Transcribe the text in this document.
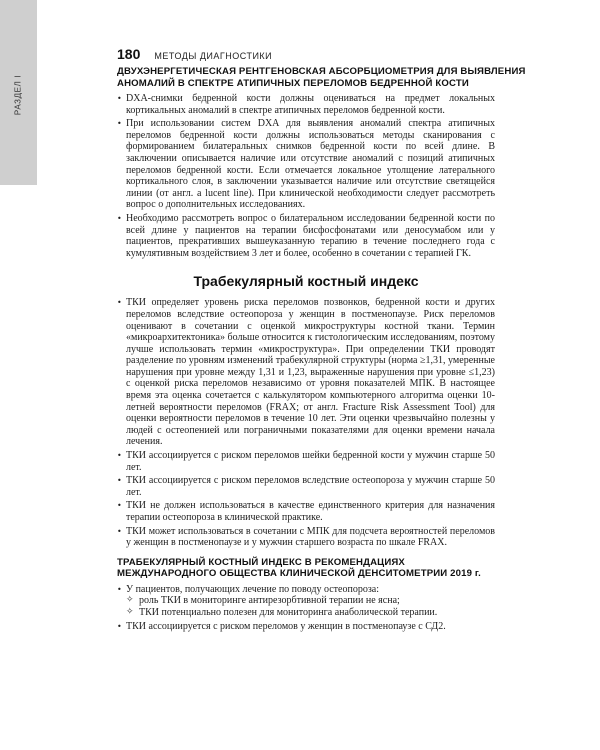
РАЗДЕЛ I
180 МЕТОДЫ ДИАГНОСТИКИ
ДВУХЭНЕРГЕТИЧЕСКАЯ РЕНТГЕНОВСКАЯ АБСОРБЦИОМЕТРИЯ ДЛЯ ВЫЯВЛЕНИЯ
АНОМАЛИЙ В СПЕКТРЕ АТИПИЧНЫХ ПЕРЕЛОМОВ БЕДРЕННОЙ КОСТИ
• DXA-снимки бедренной кости должны оцениваться на предмет локальных кортикальных аномалий в спектре атипичных переломов бедренной кости.
• При использовании систем DXA для выявления аномалий спектра атипичных переломов бедренной кости должны использоваться методы сканирования с формированием билатеральных снимков бедренной кости по всей длине. В заключении описывается наличие или отсутствие аномалий с позиций атипичных переломов бедренной кости. Если отмечается локальное утолщение латерального кортикального слоя, в заключении указывается наличие или отсутствие светящейся линии (от англ. a lucent line). При клинической необходимости следует рассмотреть вопрос о дополнительных исследованиях.
• Необходимо рассмотреть вопрос о билатеральном исследовании бедренной кости по всей длине у пациентов на терапии бисфосфонатами или деносумабом или у пациентов, прекративших вышеуказанную терапию в течение последнего года с кумулятивным воздействием 3 лет и более, особенно в сочетании с терапией ГК.
Трабекулярный костный индекс
• ТКИ определяет уровень риска переломов позвонков, бедренной кости и других переломов вследствие остеопороза у женщин в постменопаузе. Риск переломов оценивают в сочетании с оценкой микроструктуры костной ткани. Термин «микроархитектоника» больше относится к гистологическим исследованиям, поэтому лучше использовать термин «микроструктура». При определении ТКИ проводят разделение по уровням изменений трабекулярной структуры (норма ≥1,31, умеренные нарушения при уровне между 1,31 и 1,23, выраженные нарушения при уровне ≤1,23) с оценкой риска переломов независимо от уровня показателей МПК. В настоящее время эта оценка сочетается с калькулятором компьютерного алгоритма оценки 10-летней вероятности переломов (FRAX; от англ. Fracture Risk Assessment Tool) для оценки вероятности переломов в течение 10 лет. Эти оценки чрезвычайно полезны у людей с остеопенией или пограничными показателями для оценки времени начала лечения.
• ТКИ ассоциируется с риском переломов шейки бедренной кости у мужчин старше 50 лет.
• ТКИ ассоциируется с риском переломов вследствие остеопороза у мужчин старше 50 лет.
• ТКИ не должен использоваться в качестве единственного критерия для назначения терапии остеопороза в клинической практике.
• ТКИ может использоваться в сочетании с МПК для подсчета вероятностей переломов у женщин в постменопаузе и у мужчин старшего возраста по шкале FRAX.
ТРАБЕКУЛЯРНЫЙ КОСТНЫЙ ИНДЕКС В РЕКОМЕНДАЦИЯХ
МЕЖДУНАРОДНОГО ОБЩЕСТВА КЛИНИЧЕСКОЙ ДЕНСИТОМЕТРИИ 2019 г.
• У пациентов, получающих лечение по поводу остеопороза:
✧ роль ТКИ в мониторинге антирезорбтивной терапии не ясна;
✧ ТКИ потенциально полезен для мониторинга анаболической терапии.
• ТКИ ассоциируется с риском переломов у женщин в постменопаузе с СД2.
